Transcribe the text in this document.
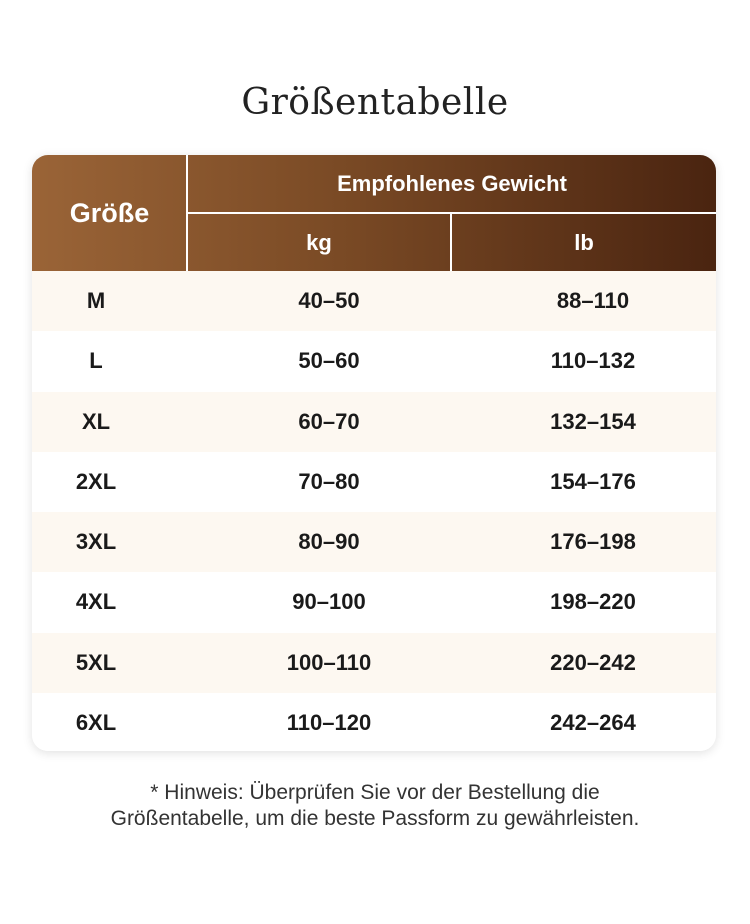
Größentabelle
Größe
Empfohlenes Gewicht
kg	lb
M	40–50	88–110
L	50–60	110–132
XL	60–70	132–154
2XL	70–80	154–176
3XL	80–90	176–198
4XL	90–100	198–220
5XL	100–110	220–242
6XL	110–120	242–264
* Hinweis: Überprüfen Sie vor der Bestellung die
Größentabelle, um die beste Passform zu gewährleisten.
